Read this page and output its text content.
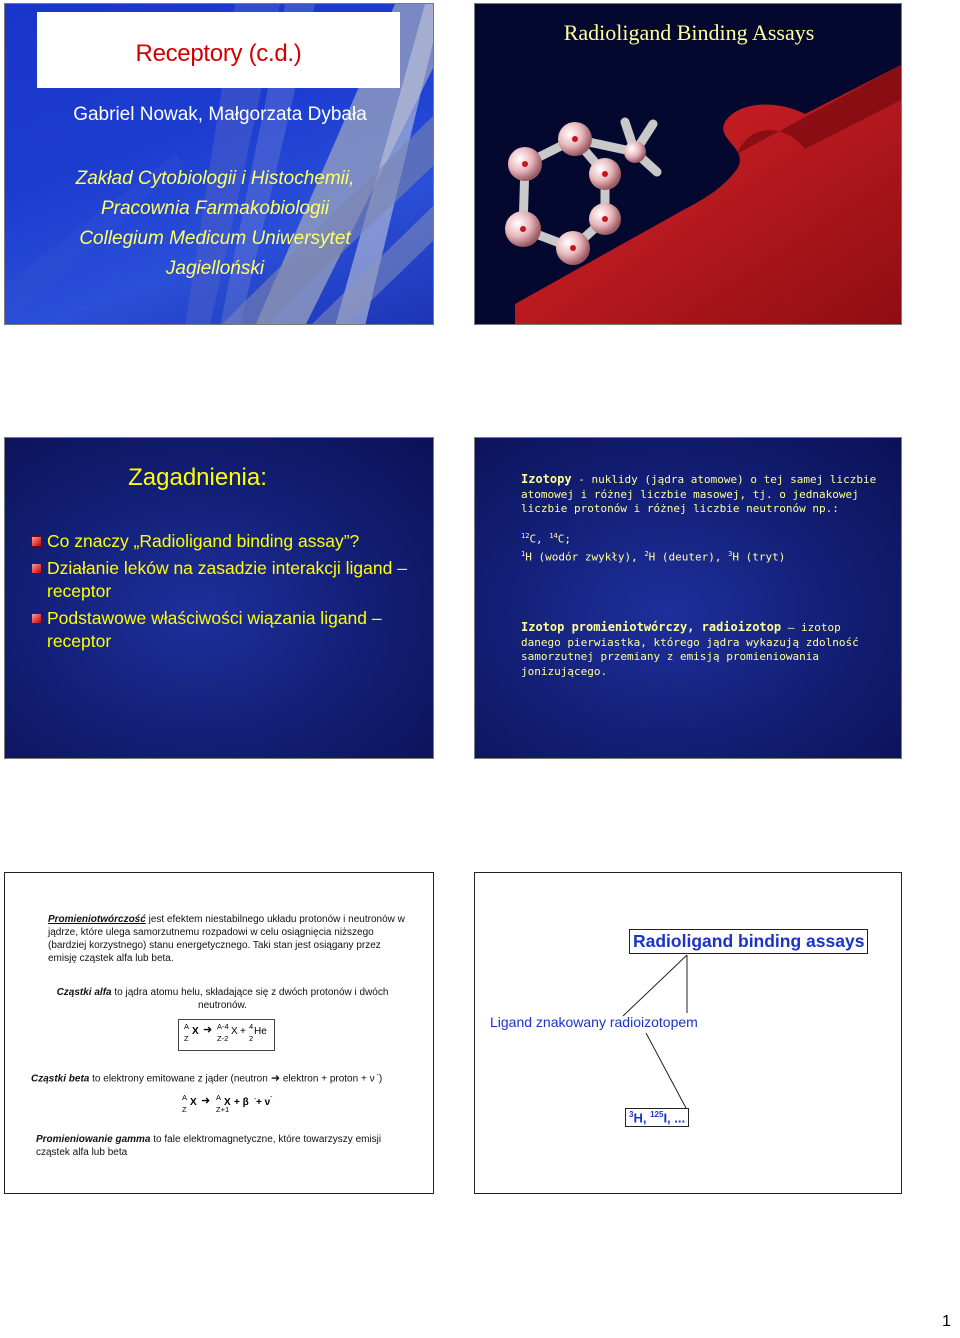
Receptory (c.d.)
Gabriel Nowak, Małgorzata Dybała
Zakład Cytobiologii i Histochemii,
Pracownia Farmakobiologii
Collegium Medicum Uniwersytet
Jagielloński
Radioligand Binding Assays
Zagadnienia:
Co znaczy „Radioligand binding assay”?
Działanie leków na zasadzie interakcji ligand – receptor
Podstawowe właściwości wiązania ligand – receptor
Izotopy - nuklidy (jądra atomowe) o tej samej liczbie atomowej i różnej liczbie masowej, tj. o jednakowej liczbie protonów i różnej liczbie neutronów np.:
$^{12}$C, $^{14}$C;
$^1$H (wodór zwykły), $^2$H (deuter), $^3$H (tryt)
Izotop promieniotwórczy, radioizotop – izotop danego pierwiastka, którego jądra wykazują zdolność samorzutnej przemiany z emisją promieniowania jonizującego.
Promieniotwórczość jest efektem niestabilnego układu protonów i neutronów w jądrze, które ulega samorzutnemu rozpadowi w celu osiągnięcia niższego (bardziej korzystnego) stanu energetycznego. Taki stan jest osiągany przez emisję cząstek alfa lub beta.
Cząstki alfa to jądra atomu helu, składające się z dwóch protonów i dwóch neutronów.
A
Z
X ➜ A-4
Z-2
X + 4
2
He
Cząstki beta to elektrony emitowane z jąder (neutron ➜ elektron + proton + ν -)
A
Z
X ➜ A
Z+1
X + β - + ν
-
Promieniowanie gamma to fale elektromagnetyczne, które towarzyszy emisji cząstek alfa lub beta
Radioligand binding assays
Ligand znakowany radioizotopem
$^3$H, $^{125}$I, ...
1
